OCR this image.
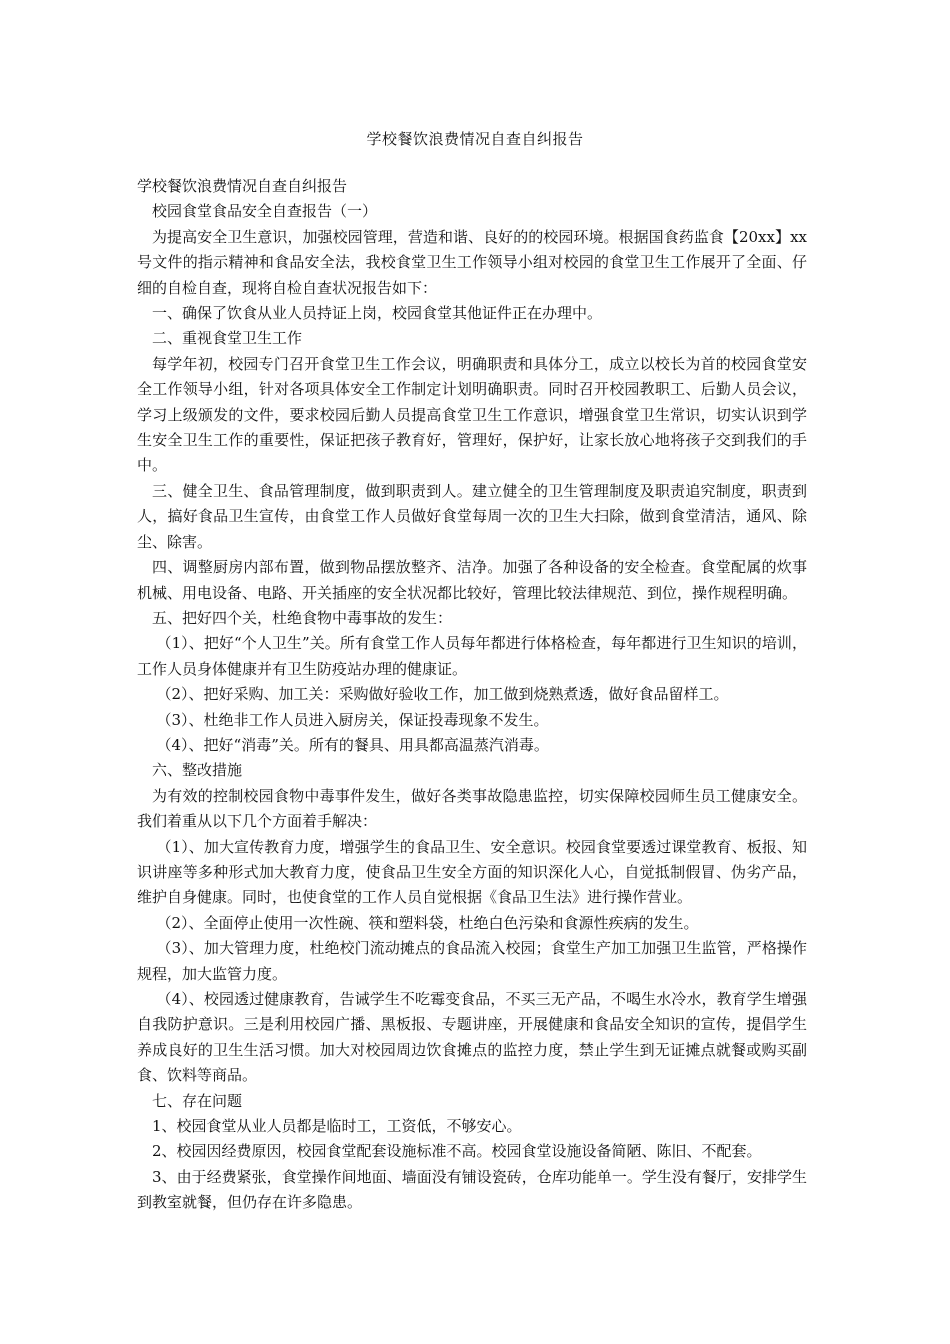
学校餐饮浪费情况自查自纠报告

学校餐饮浪费情况自查自纠报告

校园食堂食品安全自查报告（一）

为提高安全卫生意识，加强校园管理，营造和谐、良好的的校园环境。根据国食药监食【20xx】xx号文件的指示精神和食品安全法，我校食堂卫生工作领导小组对校园的食堂卫生工作展开了全面、仔细的自检自查，现将自检自查状况报告如下：

一、确保了饮食从业人员持证上岗，校园食堂其他证件正在办理中。

二、重视食堂卫生工作

每学年初，校园专门召开食堂卫生工作会议，明确职责和具体分工，成立以校长为首的校园食堂安全工作领导小组，针对各项具体安全工作制定计划明确职责。同时召开校园教职工、后勤人员会议，学习上级颁发的文件，要求校园后勤人员提高食堂卫生工作意识，增强食堂卫生常识，切实认识到学生安全卫生工作的重要性，保证把孩子教育好，管理好，保护好，让家长放心地将孩子交到我们的手中。

三、健全卫生、食品管理制度，做到职责到人。建立健全的卫生管理制度及职责追究制度，职责到人，搞好食品卫生宣传，由食堂工作人员做好食堂每周一次的卫生大扫除，做到食堂清洁，通风、除尘、除害。

四、调整厨房内部布置，做到物品摆放整齐、洁净。加强了各种设备的安全检查。食堂配属的炊事机械、用电设备、电路、开关插座的安全状况都比较好，管理比较法律规范、到位，操作规程明确。

五、把好四个关，杜绝食物中毒事故的发生：

（1）、把好“个人卫生”关。所有食堂工作人员每年都进行体格检查，每年都进行卫生知识的培训，工作人员身体健康并有卫生防疫站办理的健康证。

（2）、把好采购、加工关：采购做好验收工作，加工做到烧熟煮透，做好食品留样工。

（3）、杜绝非工作人员进入厨房关，保证投毒现象不发生。

（4）、把好“消毒”关。所有的餐具、用具都高温蒸汽消毒。

六、整改措施

为有效的控制校园食物中毒事件发生，做好各类事故隐患监控，切实保障校园师生员工健康安全。我们着重从以下几个方面着手解决：

（1）、加大宣传教育力度，增强学生的食品卫生、安全意识。校园食堂要透过课堂教育、板报、知识讲座等多种形式加大教育力度，使食品卫生安全方面的知识深化人心，自觉抵制假冒、伪劣产品，维护自身健康。同时，也使食堂的工作人员自觉根据《食品卫生法》进行操作营业。

（2）、全面停止使用一次性碗、筷和塑料袋，杜绝白色污染和食源性疾病的发生。

（3）、加大管理力度，杜绝校门流动摊点的食品流入校园；食堂生产加工加强卫生监管，严格操作规程，加大监管力度。

（4）、校园透过健康教育，告诫学生不吃霉变食品，不买三无产品，不喝生水冷水，教育学生增强自我防护意识。三是利用校园广播、黑板报、专题讲座，开展健康和食品安全知识的宣传，提倡学生养成良好的卫生生活习惯。加大对校园周边饮食摊点的监控力度，禁止学生到无证摊点就餐或购买副食、饮料等商品。

七、存在问题

1、校园食堂从业人员都是临时工，工资低，不够安心。

2、校园因经费原因，校园食堂配套设施标准不高。校园食堂设施设备简陋、陈旧、不配套。

3、由于经费紧张，食堂操作间地面、墙面没有铺设瓷砖，仓库功能单一。学生没有餐厅，安排学生到教室就餐，但仍存在许多隐患。
